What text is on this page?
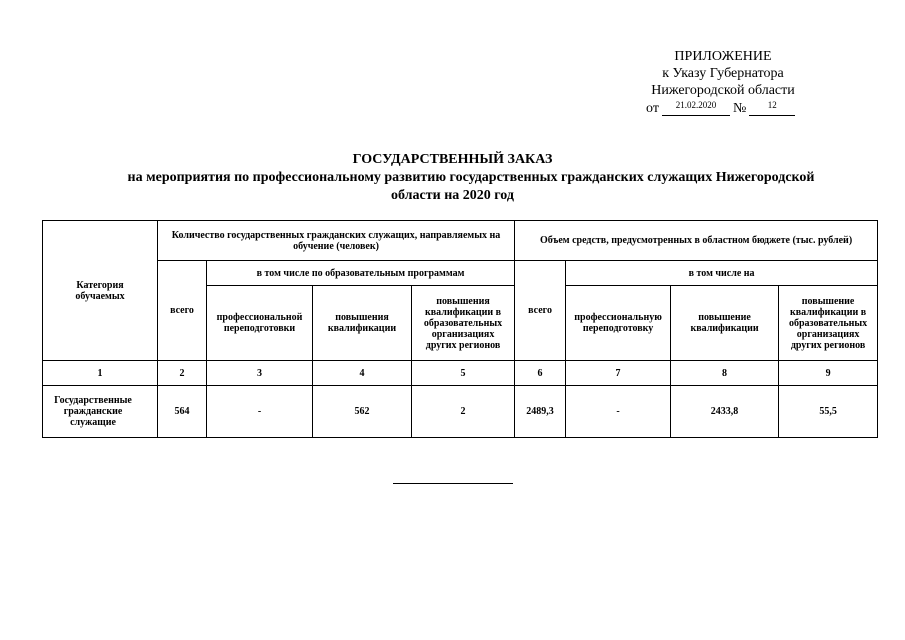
ПРИЛОЖЕНИЕ
к Указу Губернатора
Нижегородской области
от	21.02.2020	№	12
ГОСУДАРСТВЕННЫЙ ЗАКАЗ
на мероприятия по профессиональному развитию государственных гражданских служащих Нижегородской
области на 2020 год
Категория обучаемых	Количество государственных гражданских служащих, направляемых на обучение (человек)				Объем средств, предусмотренных в областном бюджете (тыс. рублей)			
	всего	в том числе по образовательным программам			всего	в том числе на		
		профессиональной переподготовки	повышения квалификации	повышения квалификации в образовательных организациях других регионов		профессиональную переподготовку	повышение квалификации	повышение квалификации в образовательных организациях других регионов
1	2	3	4	5	6	7	8	9

Государственные гражданские служащие	564	-	562	2	2489,3	-	2433,8	55,5
